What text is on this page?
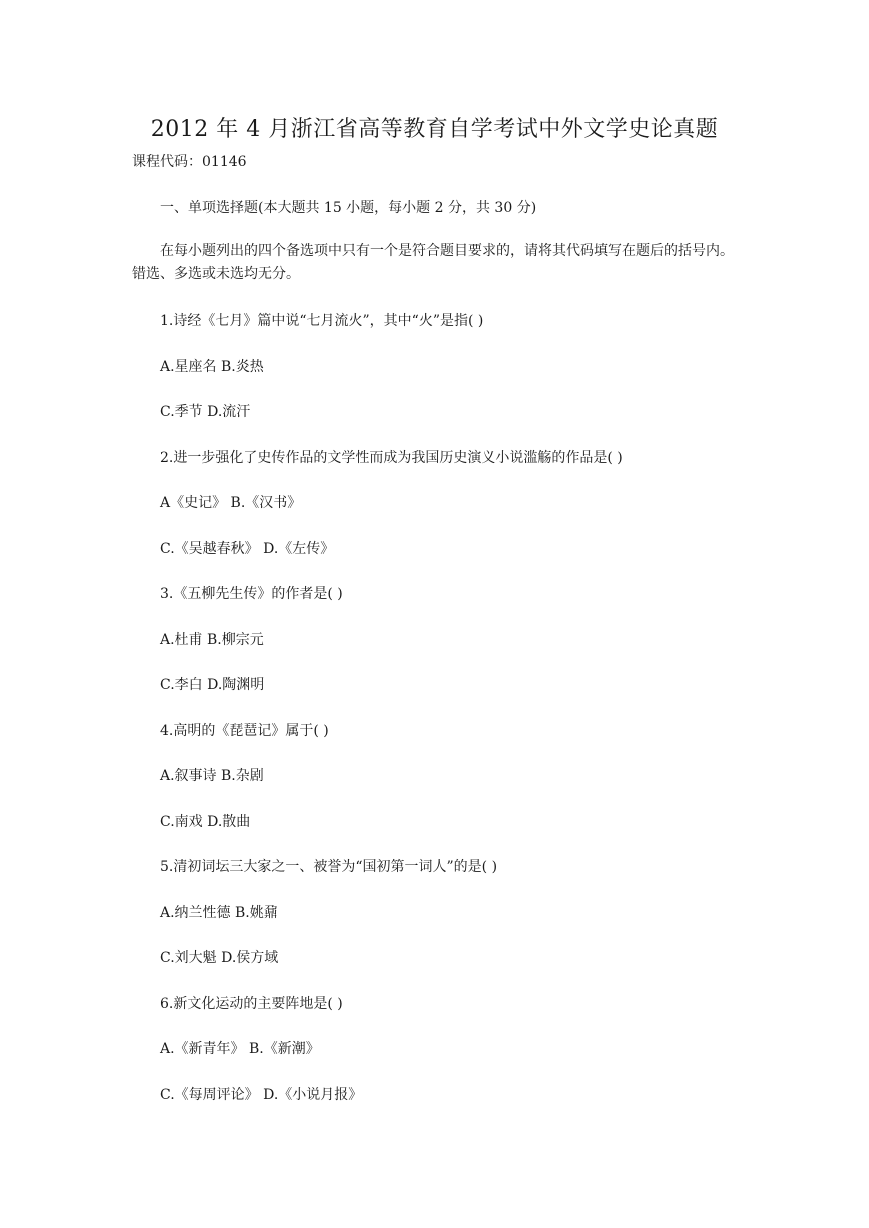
2012 年 4 月浙江省高等教育自学考试中外文学史论真题
课程代码：01146
一、单项选择题(本大题共 15 小题，每小题 2 分，共 30 分)
在每小题列出的四个备选项中只有一个是符合题目要求的，请将其代码填写在题后的括号内。错选、多选或未选均无分。
1.诗经《七月》篇中说“七月流火”，其中“火”是指( )
A.星座名 B.炎热
C.季节 D.流汗
2.进一步强化了史传作品的文学性而成为我国历史演义小说滥觞的作品是( )
A《史记》 B.《汉书》
C.《吴越春秋》 D.《左传》
3.《五柳先生传》的作者是( )
A.杜甫 B.柳宗元
C.李白 D.陶渊明
4.高明的《琵琶记》属于( )
A.叙事诗 B.杂剧
C.南戏 D.散曲
5.清初词坛三大家之一、被誉为“国初第一词人”的是( )
A.纳兰性德 B.姚鼐
C.刘大魁 D.侯方域
6.新文化运动的主要阵地是( )
A.《新青年》 B.《新潮》
C.《每周评论》 D.《小说月报》
